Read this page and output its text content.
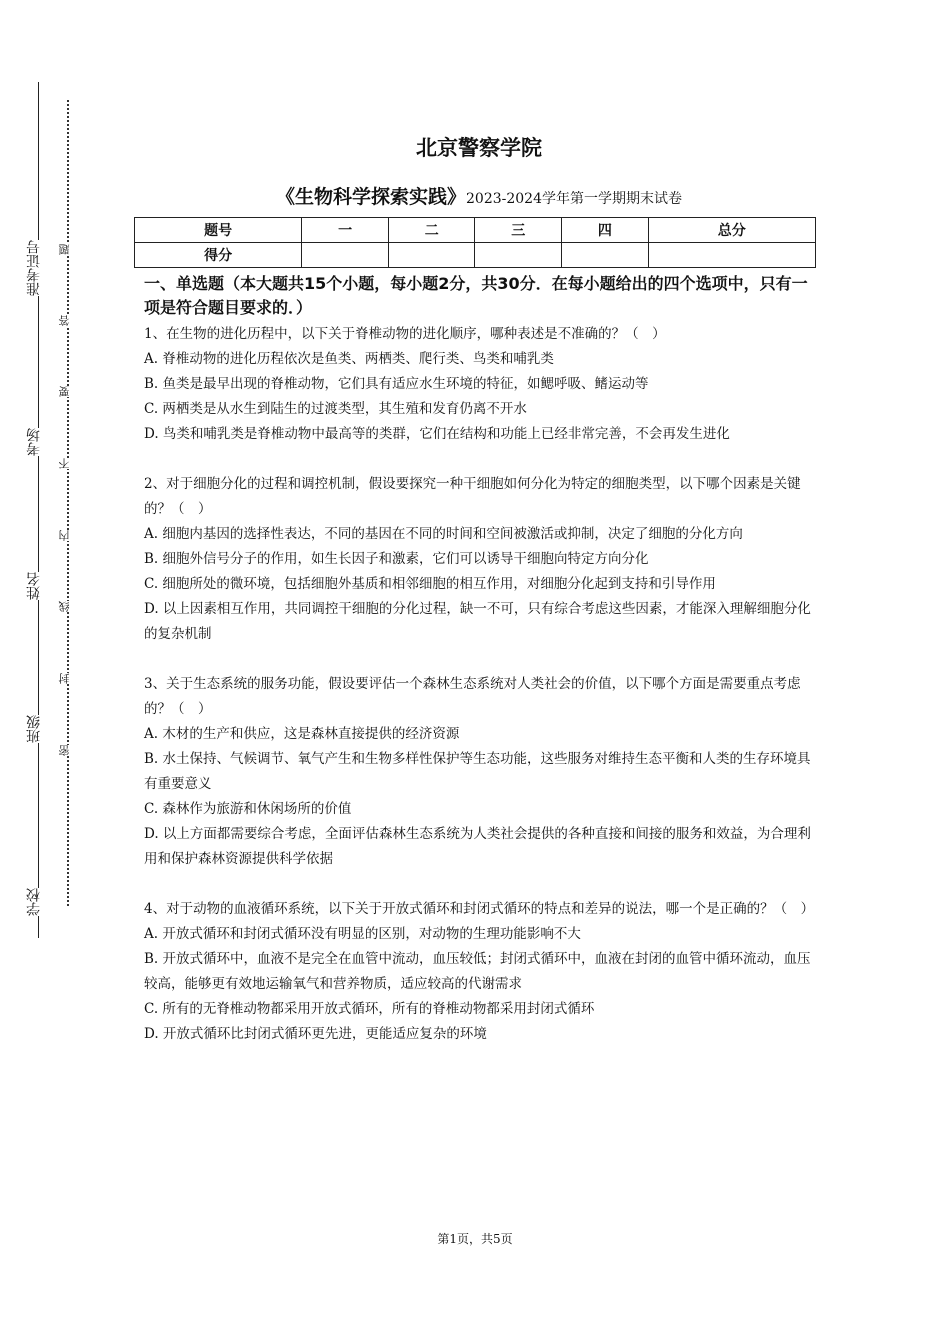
准考证号
考场
姓名
班级
学校
题
答
要
不
内
线
封
密
北京警察学院
《生物科学探索实践》2023-2024学年第一学期期末试卷
题号	一	二	三	四	总分
得分					
一、单选题（本大题共15个小题，每小题2分，共30分．在每小题给出的四个选项中，只有一项是符合题目要求的．）

1、在生物的进化历程中，以下关于脊椎动物的进化顺序，哪种表述是不准确的？（　）

A. 脊椎动物的进化历程依次是鱼类、两栖类、爬行类、鸟类和哺乳类

B. 鱼类是最早出现的脊椎动物，它们具有适应水生环境的特征，如鳃呼吸、鳍运动等

C. 两栖类是从水生到陆生的过渡类型，其生殖和发育仍离不开水

D. 鸟类和哺乳类是脊椎动物中最高等的类群，它们在结构和功能上已经非常完善，不会再发生进化

2、对于细胞分化的过程和调控机制，假设要探究一种干细胞如何分化为特定的细胞类型，以下哪个因素是关键的？（　）

A. 细胞内基因的选择性表达，不同的基因在不同的时间和空间被激活或抑制，决定了细胞的分化方向

B. 细胞外信号分子的作用，如生长因子和激素，它们可以诱导干细胞向特定方向分化

C. 细胞所处的微环境，包括细胞外基质和相邻细胞的相互作用，对细胞分化起到支持和引导作用

D. 以上因素相互作用，共同调控干细胞的分化过程，缺一不可，只有综合考虑这些因素，才能深入理解细胞分化的复杂机制

3、关于生态系统的服务功能，假设要评估一个森林生态系统对人类社会的价值，以下哪个方面是需要重点考虑的？（　）

A. 木材的生产和供应，这是森林直接提供的经济资源

B. 水土保持、气候调节、氧气产生和生物多样性保护等生态功能，这些服务对维持生态平衡和人类的生存环境具有重要意义

C. 森林作为旅游和休闲场所的价值

D. 以上方面都需要综合考虑，全面评估森林生态系统为人类社会提供的各种直接和间接的服务和效益，为合理利用和保护森林资源提供科学依据

4、对于动物的血液循环系统，以下关于开放式循环和封闭式循环的特点和差异的说法，哪一个是正确的？（　）

A. 开放式循环和封闭式循环没有明显的区别，对动物的生理功能影响不大

B. 开放式循环中，血液不是完全在血管中流动，血压较低；封闭式循环中，血液在封闭的血管中循环流动，血压较高，能够更有效地运输氧气和营养物质，适应较高的代谢需求

C. 所有的无脊椎动物都采用开放式循环，所有的脊椎动物都采用封闭式循环

D. 开放式循环比封闭式循环更先进，更能适应复杂的环境

第1页，共5页
